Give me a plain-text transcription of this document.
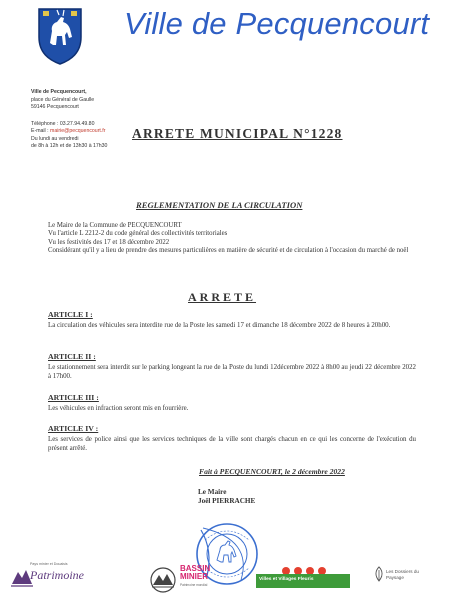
Ville de Pecquencourt
Ville de Pecquencourt,
place du Général de Gaulle
59146 Pecquencourt
Téléphone : 03.27.94.49.80
E-mail : mairie@pecquencourt.fr
Du lundi au vendredi
de 8h à 12h et de 13h30 à 17h30
ARRETE MUNICIPAL N°1228
REGLEMENTATION DE LA CIRCULATION
Le Maire de la Commune de PECQUENCOURT
Vu l'article L 2212-2 du code général des collectivités territoriales
Vu les festivités des 17 et 18 décembre 2022
Considérant qu'il y a lieu de prendre des mesures particulières en matière de sécurité et de circulation à l'occasion du marché de noël
ARRETE
ARTICLE I :
La circulation des véhicules sera interdite rue de la Poste les samedi 17 et dimanche 18 décembre 2022 de 8 heures à 20h00.
ARTICLE II :
Le stationnement sera interdit sur le parking longeant la rue de la Poste du lundi 12décembre 2022 à 8h00 au jeudi 22 décembre 2022 à 17h00.
ARTICLE III :
Les véhicules en infraction seront mis en fourrière.
ARTICLE IV :
Les services de police ainsi que les services techniques de la ville sont chargés chacun en ce qui les concerne de l'exécution du présent arrêté.
Fait à PECQUENCOURT, le 2 décembre 2022
Le Maire
Joël PIERRACHE
Pays minier et Douaisis
Patrimoine	BASSIN
MINIER
Patrimoine mondial
Villes et Villages Fleuris
Les Dossiers du Paysage
